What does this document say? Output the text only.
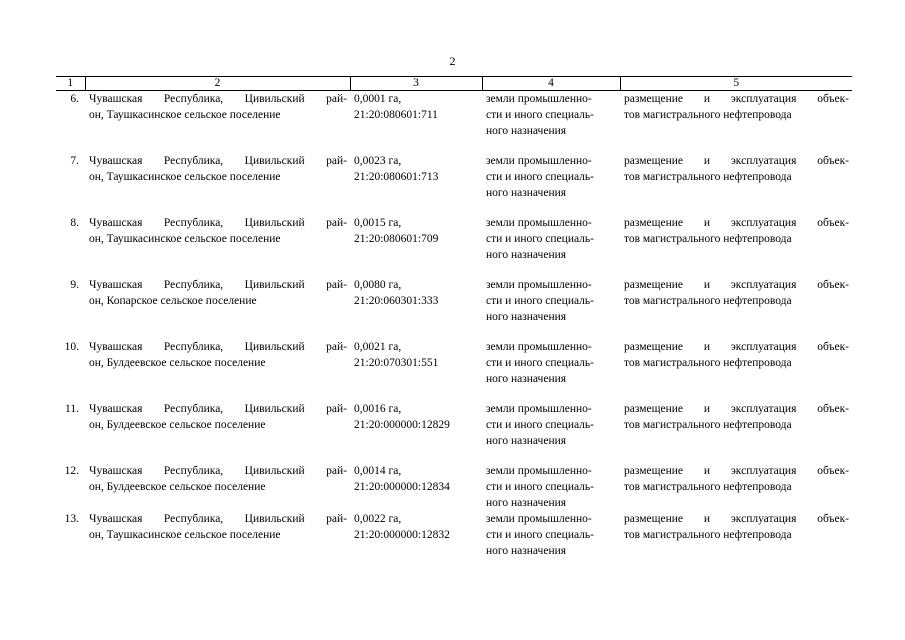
2
1	2	3	4	5
6.	Чувашская Республика, Цивильский рай-
он, Таушкасинское сельское поселение	0,0001 га,
21:20:080601:711	земли промышленно-
сти и иного специаль-
ного назначения	размещение и эксплуатация объек-
тов магистрального нефтепровода

7.	Чувашская Республика, Цивильский рай-
он, Таушкасинское сельское поселение	0,0023 га,
21:20:080601:713	земли промышленно-
сти и иного специаль-
ного назначения	размещение и эксплуатация объек-
тов магистрального нефтепровода

8.	Чувашская Республика, Цивильский рай-
он, Таушкасинское сельское поселение	0,0015 га,
21:20:080601:709	земли промышленно-
сти и иного специаль-
ного назначения	размещение и эксплуатация объек-
тов магистрального нефтепровода

9.	Чувашская Республика, Цивильский рай-
он, Копарское сельское поселение	0,0080 га,
21:20:060301:333	земли промышленно-
сти и иного специаль-
ного назначения	размещение и эксплуатация объек-
тов магистрального нефтепровода

10.	Чувашская Республика, Цивильский рай-
он, Булдеевское сельское поселение	0,0021 га,
21:20:070301:551	земли промышленно-
сти и иного специаль-
ного назначения	размещение и эксплуатация объек-
тов магистрального нефтепровода

11.	Чувашская Республика, Цивильский рай-
он, Булдеевское сельское поселение	0,0016 га,
21:20:000000:12829	земли промышленно-
сти и иного специаль-
ного назначения	размещение и эксплуатация объек-
тов магистрального нефтепровода

12.	Чувашская Республика, Цивильский рай-
он, Булдеевское сельское поселение	0,0014 га,
21:20:000000:12834	земли промышленно-
сти и иного специаль-
ного назначения	размещение и эксплуатация объек-
тов магистрального нефтепровода

13.	Чувашская Республика, Цивильский рай-
он, Таушкасинское сельское поселение	0,0022 га,
21:20:000000:12832	земли промышленно-
сти и иного специаль-
ного назначения	размещение и эксплуатация объек-
тов магистрального нефтепровода
